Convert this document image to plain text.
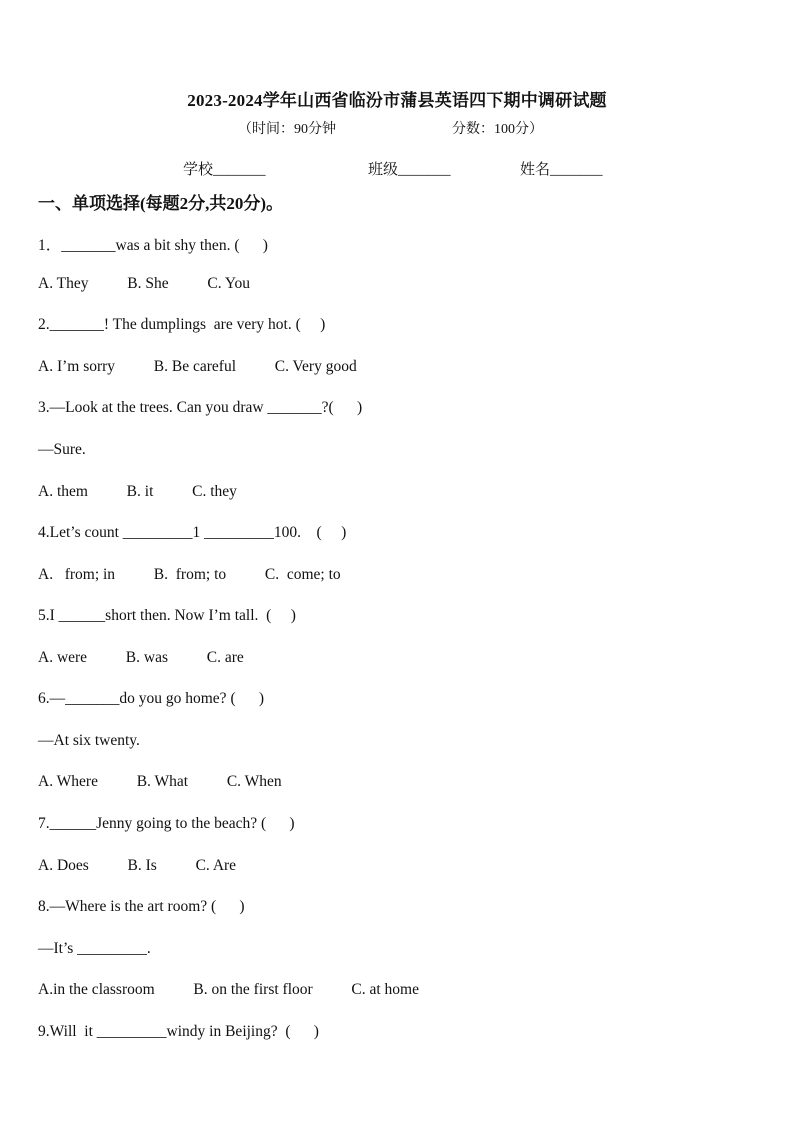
2023-2024学年山西省临汾市蒲县英语四下期中调研试题
（时间：90分钟	分数：100分）
学校_______	班级_______	姓名_______
一、单项选择(每题2分,共20分)。
1．_______was a bit shy then. (      )
A. They          B. She          C. You
2._______! The dumplings  are very hot. (     )
A. I’m sorry          B. Be careful          C. Very good
3.—Look at the trees. Can you draw _______?(      )
—Sure.
A. them          B. it          C. they
4.Let’s count _________1 _________100.    (     )
A.   from; in          B.  from; to          C.  come; to
5.I ______short then. Now I’m tall.  (     )
A. were          B. was          C. are
6.—_______do you go home? (      )
—At six twenty.
A. Where          B. What          C. When
7.______Jenny going to the beach? (      )
A. Does          B. Is          C. Are
8.—Where is the art room? (      )
—It’s _________.
A.in the classroom          B. on the first floor          C. at home
9.Will  it _________windy in Beijing?  (      )
